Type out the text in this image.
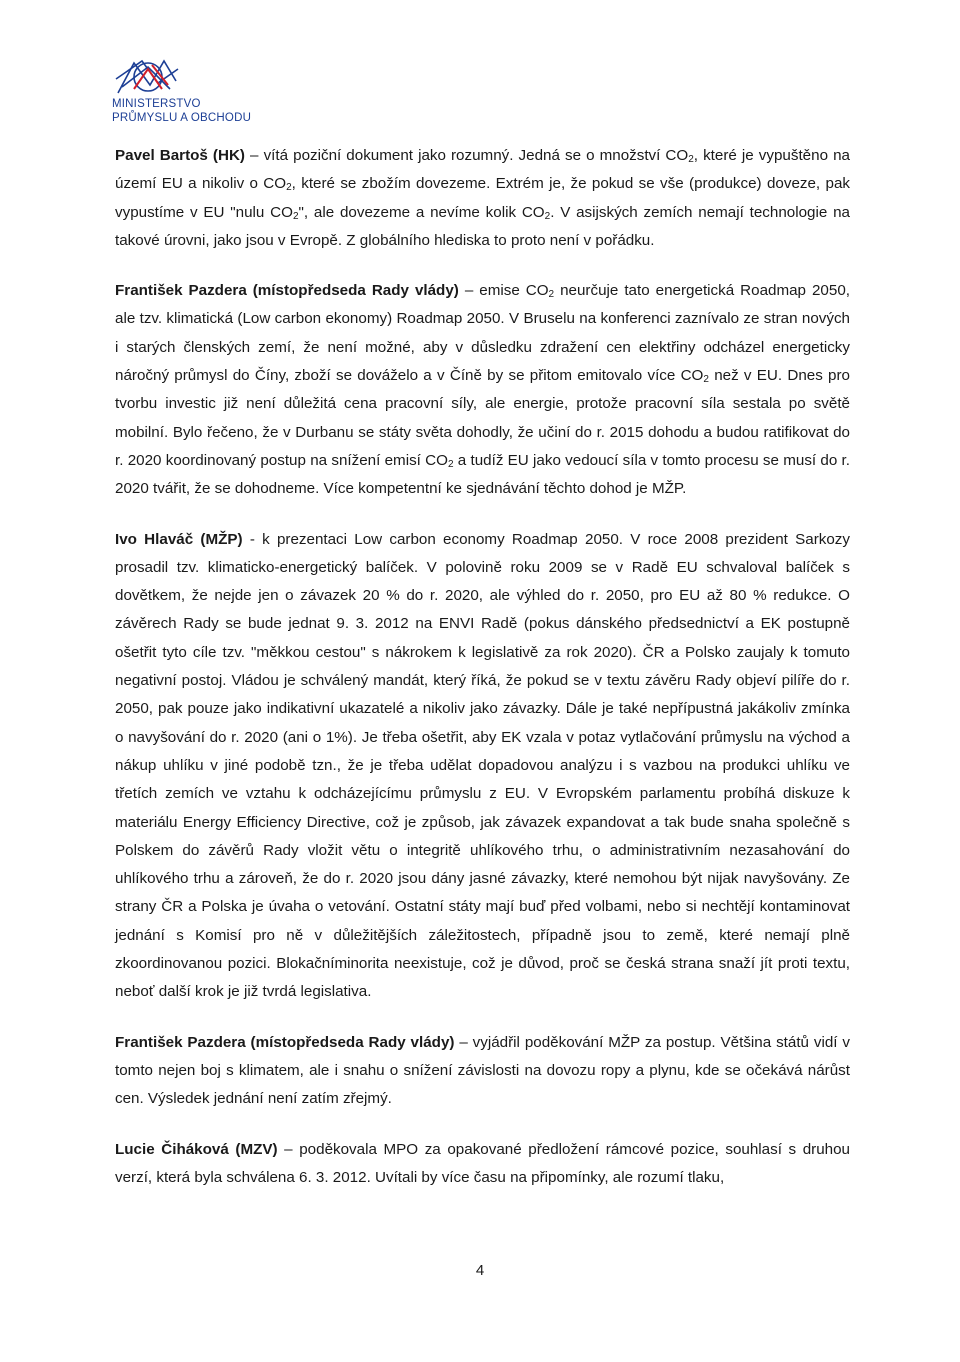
MINISTERSTVO
PRŮMYSLU A OBCHODU

Pavel Bartoš (HK) – vítá poziční dokument jako rozumný. Jedná se o množství $CO_2$, které je vypuštěno na území EU a nikoliv o $CO_2$, které se zbožím dovezeme. Extrém je, že pokud se vše (produkce) doveze, pak vypustíme v EU "nulu $CO_2$", ale dovezeme a nevíme kolik $CO_2$. V asijských zemích nemají technologie na takové úrovni, jako jsou v Evropě. Z globálního hlediska to proto není v pořádku.

František Pazdera (místopředseda Rady vlády) – emise $CO_2$ neurčuje tato energetická Roadmap 2050, ale tzv. klimatická (Low carbon ekonomy) Roadmap 2050. V Bruselu na konferenci zaznívalo ze stran nových i starých členských zemí, že není možné, aby v důsledku zdražení cen elektřiny odcházel energeticky náročný průmysl do Číny, zboží se dováželo a v Číně by se přitom emitovalo více $CO_2$ než v EU. Dnes pro tvorbu investic již není důležitá cena pracovní síly, ale energie, protože pracovní síla sestala po světě mobilní. Bylo řečeno, že v Durbanu se státy světa dohodly, že učiní do r. 2015 dohodu a budou ratifikovat do r. 2020 koordinovaný postup na snížení emisí $CO_2$ a tudíž EU jako vedoucí síla v tomto procesu se musí do r. 2020 tvářit, že se dohodneme. Více kompetentní ke sjednávání těchto dohod je MŽP.

Ivo Hlaváč (MŽP) - k prezentaci Low carbon economy Roadmap 2050. V roce 2008 prezident Sarkozy prosadil tzv. klimaticko-energetický balíček. V polovině roku 2009 se v Radě EU schvaloval balíček s dovětkem, že nejde jen o závazek 20 % do r. 2020, ale výhled do r. 2050, pro EU až 80 % redukce. O závěrech Rady se bude jednat 9. 3. 2012 na ENVI Radě (pokus dánského předsednictví a EK postupně ošetřit tyto cíle tzv. "měkkou cestou" s nákrokem k legislativě za rok 2020). ČR a Polsko zaujaly k tomuto negativní postoj. Vládou je schválený mandát, který říká, že pokud se v textu závěru Rady objeví pilíře do r. 2050, pak pouze jako indikativní ukazatelé a nikoliv jako závazky. Dále je také nepřípustná jakákoliv zmínka o navyšování do r. 2020 (ani o 1%). Je třeba ošetřit, aby EK vzala v potaz vytlačování průmyslu na východ a nákup uhlíku v jiné podobě tzn., že je třeba udělat dopadovou analýzu i s vazbou na produkci uhlíku ve třetích zemích ve vztahu k odcházejícímu průmyslu z EU. V Evropském parlamentu probíhá diskuze k materiálu Energy Efficiency Directive, což je způsob, jak závazek expandovat a tak bude snaha společně s Polskem do závěrů Rady vložit větu o integritě uhlíkového trhu, o administrativním nezasahování do uhlíkového trhu a zároveň, že do r. 2020 jsou dány jasné závazky, které nemohou být nijak navyšovány. Ze strany ČR a Polska je úvaha o vetování. Ostatní státy mají buď před volbami, nebo si nechtějí kontaminovat jednání s Komisí pro ně v důležitějších záležitostech, případně jsou to země, které nemají plně zkoordinovanou pozici. Blokačníminorita neexistuje, což je důvod, proč se česká strana snaží jít proti textu, neboť další krok je již tvrdá legislativa.

František Pazdera (místopředseda Rady vlády) – vyjádřil poděkování MŽP za postup. Většina států vidí v tomto nejen boj s klimatem, ale i snahu o snížení závislosti na dovozu ropy a plynu, kde se očekává nárůst cen. Výsledek jednání není zatím zřejmý.

Lucie Čiháková (MZV) – poděkovala MPO za opakované předložení rámcové pozice, souhlasí s druhou verzí, která byla schválena 6. 3. 2012. Uvítali by více času na připomínky, ale rozumí tlaku,

4
